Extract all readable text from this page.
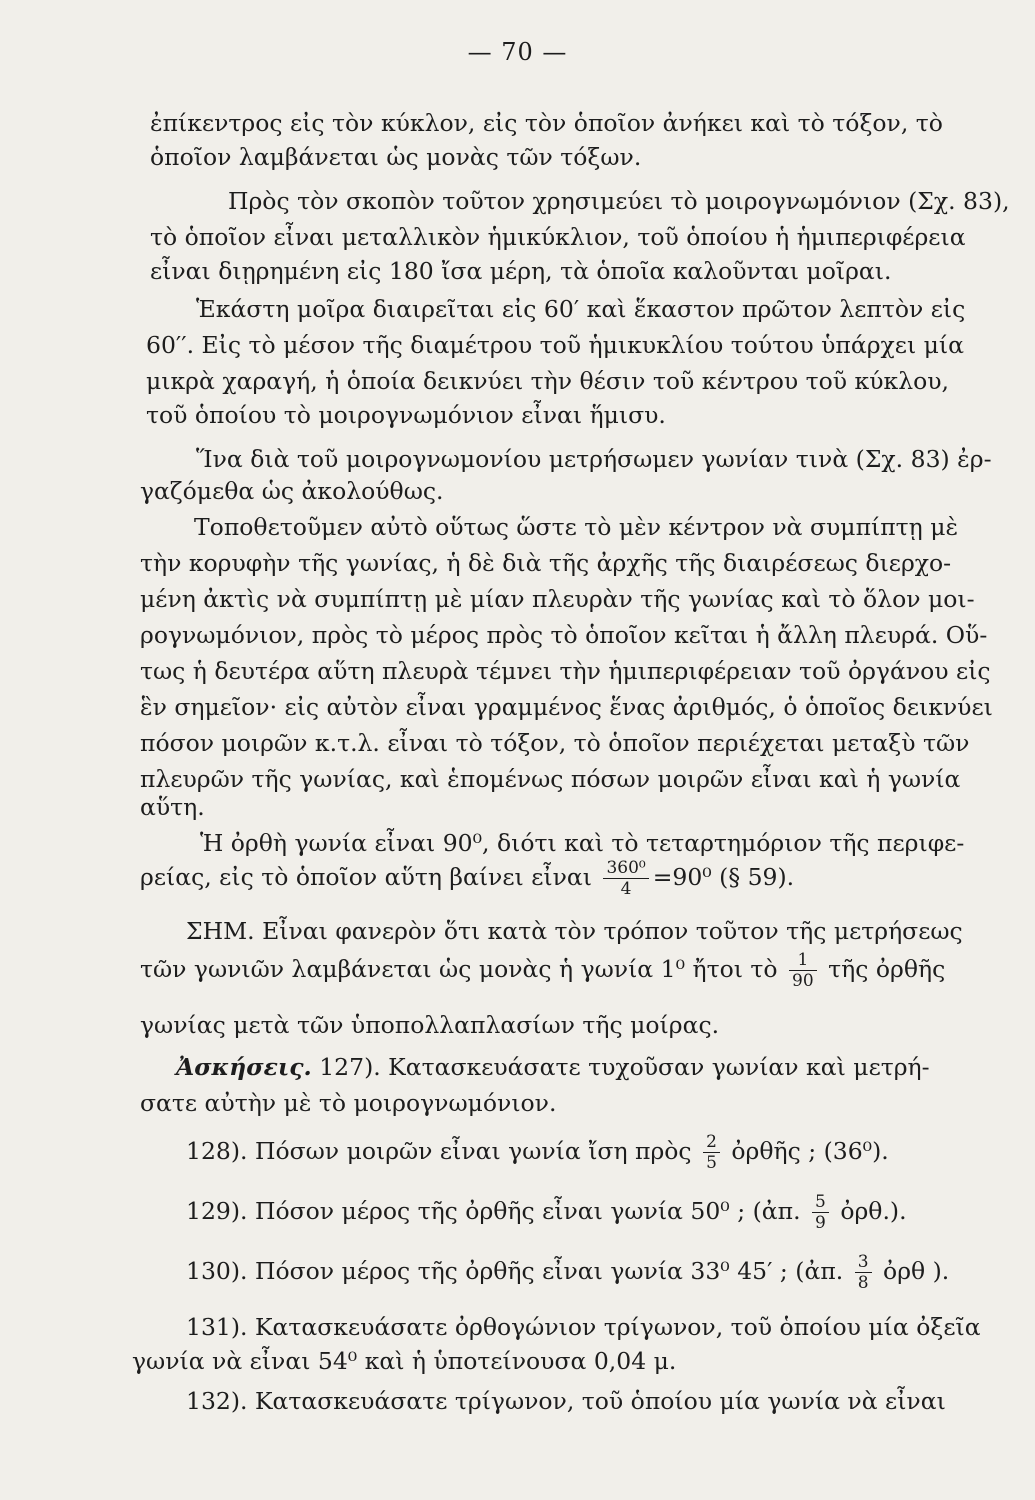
— 70 —
ἐπίκεντρος εἰς τὸν κύκλον, εἰς τὸν ὁποῖον ἀνήκει καὶ τὸ τόξον, τὸ
ὁποῖον λαμβάνεται ὡς μονὰς τῶν τόξων.
Πρὸς τὸν σκοπὸν τοῦτον χρησιμεύει τὸ μοιρογνωμόνιον (Σχ. 83),
τὸ ὁποῖον εἶναι μεταλλικὸν ἡμικύκλιον, τοῦ ὁποίου ἡ ἡμιπεριφέρεια
εἶναι διῃρημένη εἰς 180 ἴσα μέρη, τὰ ὁποῖα καλοῦνται μοῖραι.
Ἑκάστη μοῖρα διαιρεῖται εἰς 60′ καὶ ἕκαστον πρῶτον λεπτὸν εἰς
60′′. Εἰς τὸ μέσον τῆς διαμέτρου τοῦ ἡμικυκλίου τούτου ὑπάρχει μία
μικρὰ χαραγή, ἡ ὁποία δεικνύει τὴν θέσιν τοῦ κέντρου τοῦ κύκλου,
τοῦ ὁποίου τὸ μοιρογνωμόνιον εἶναι ἥμισυ.
Ἵνα διὰ τοῦ μοιρογνωμονίου μετρήσωμεν γωνίαν τινὰ (Σχ. 83) ἐρ-
γαζόμεθα ὡς ἀκολούθως.
Τοποθετοῦμεν αὐτὸ οὕτως ὥστε τὸ μὲν κέντρον νὰ συμπίπτῃ μὲ
τὴν κορυφὴν τῆς γωνίας, ἡ δὲ διὰ τῆς ἀρχῆς τῆς διαιρέσεως διερχο-
μένη ἀκτὶς νὰ συμπίπτῃ μὲ μίαν πλευρὰν τῆς γωνίας καὶ τὸ ὅλον μοι-
ρογνωμόνιον, πρὸς τὸ μέρος πρὸς τὸ ὁποῖον κεῖται ἡ ἄλλη πλευρά. Οὕ-
τως ἡ δευτέρα αὕτη πλευρὰ τέμνει τὴν ἡμιπεριφέρειαν τοῦ ὀργάνου εἰς
ἓν σημεῖον· εἰς αὐτὸν εἶναι γραμμένος ἕνας ἀριθμός, ὁ ὁποῖος δεικνύει
πόσον μοιρῶν κ.τ.λ. εἶναι τὸ τόξον, τὸ ὁποῖον περιέχεται μεταξὺ τῶν
πλευρῶν τῆς γωνίας, καὶ ἑπομένως πόσων μοιρῶν εἶναι καὶ ἡ γωνία
αὕτη.
Ἡ ὀρθὴ γωνία εἶναι 90⁰, διότι καὶ τὸ τεταρτημόριον τῆς περιφε-
ρείας, εἰς τὸ ὁποῖον αὕτη βαίνει εἶναι $\frac{\text{360⁰}}{4} =90^0$ (§ 59).
ΣΗΜ. Εἶναι φανερὸν ὅτι κατὰ τὸν τρόπον τοῦτον τῆς μετρήσεως
τῶν γωνιῶν λαμβάνεται ὡς μονὰς ἡ γωνία 1⁰ ἤτοι τὸ $\frac{1}{90}$ τῆς ὀρθῆς
γωνίας μετὰ τῶν ὑποπολλαπλασίων τῆς μοίρας.
Ἀσκήσεις. 127). Κατασκευάσατε τυχοῦσαν γωνίαν καὶ μετρή-
σατε αὐτὴν μὲ τὸ μοιρογνωμόνιον.
128). Πόσων μοιρῶν εἶναι γωνία ἴση πρὸς $\frac{2}{5}$ ὀρθῆς ; (36⁰).
129). Πόσον μέρος τῆς ὀρθῆς εἶναι γωνία 50⁰ ; (ἀπ. $\frac{5}{9}$ ὀρθ.).
130). Πόσον μέρος τῆς ὀρθῆς εἶναι γωνία 33⁰ 45′ ; (ἀπ. $\frac{3}{8}$ ὀρθ ).
131). Κατασκευάσατε ὀρθογώνιον τρίγωνον, τοῦ ὁποίου μία ὀξεῖα
γωνία νὰ εἶναι 54⁰ καὶ ἡ ὑποτείνουσα 0,04 μ.
132). Κατασκευάσατε τρίγωνον, τοῦ ὁποίου μία γωνία νὰ εἶναι
